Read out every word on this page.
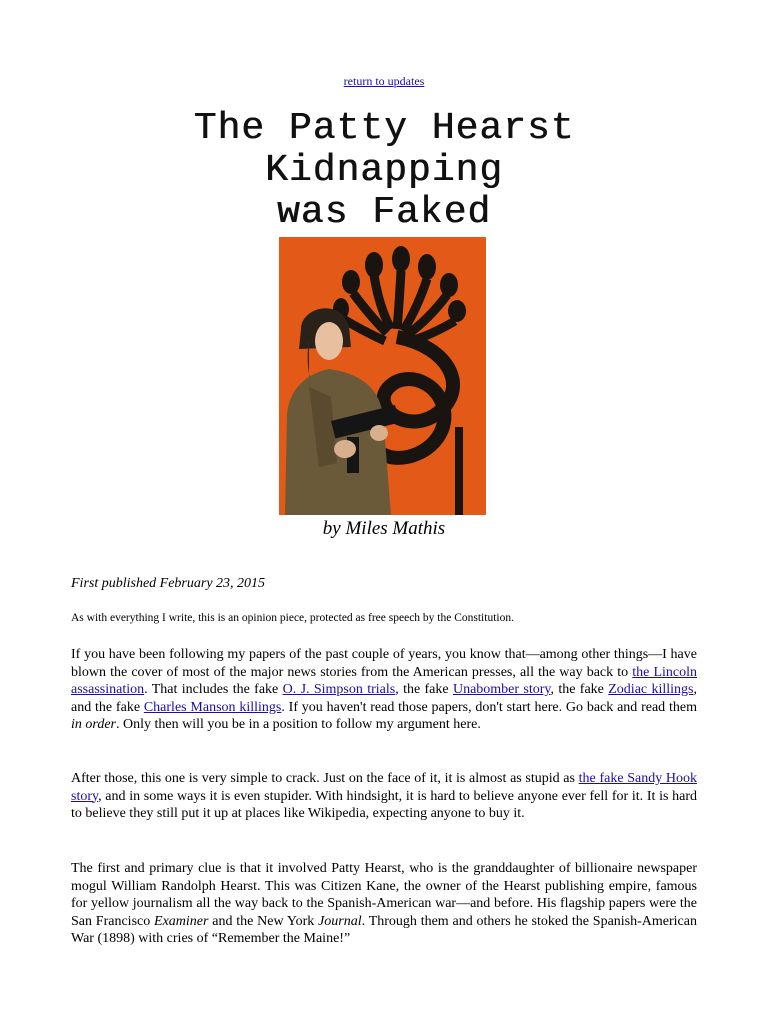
return to updates
The Patty Hearst
Kidnapping
was Faked
by Miles Mathis
First published February 23, 2015
As with everything I write, this is an opinion piece, protected as free speech by the Constitution.

If you have been following my papers of the past couple of years, you know that—among other things—I have blown the cover of most of the major news stories from the American presses, all the way back to the Lincoln assassination. That includes the fake O. J. Simpson trials, the fake Unabomber story, the fake Zodiac killings, and the fake Charles Manson killings. If you haven't read those papers, don't start here. Go back and read them in order. Only then will you be in a position to follow my argument here.

After those, this one is very simple to crack. Just on the face of it, it is almost as stupid as the fake Sandy Hook story, and in some ways it is even stupider. With hindsight, it is hard to believe anyone ever fell for it. It is hard to believe they still put it up at places like Wikipedia, expecting anyone to buy it.

The first and primary clue is that it involved Patty Hearst, who is the granddaughter of billionaire newspaper mogul William Randolph Hearst. This was Citizen Kane, the owner of the Hearst publishing empire, famous for yellow journalism all the way back to the Spanish-American war—and before. His flagship papers were the San Francisco Examiner and the New York Journal. Through them and others he stoked the Spanish-American War (1898) with cries of “Remember the Maine!”
